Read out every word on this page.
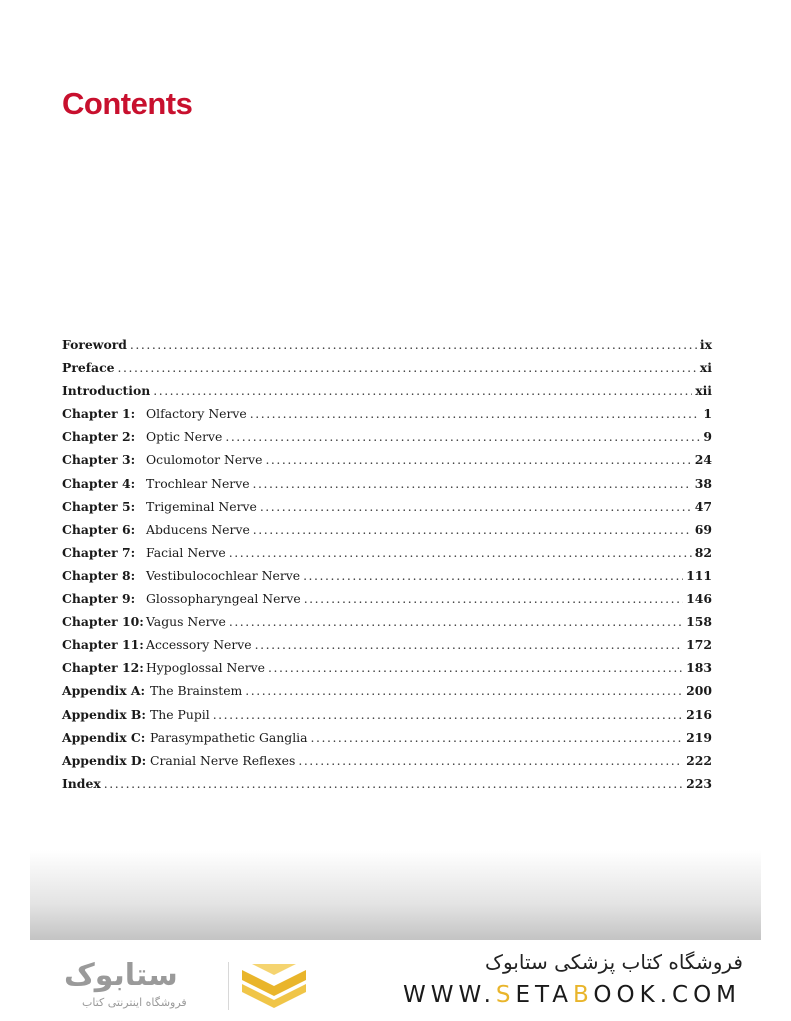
Contents
Foreword . . .	ix
Preface . . .	xi
Introduction . . .	xii
Chapter 1: Olfactory Nerve . . .	1
Chapter 2: Optic Nerve . . .	9
Chapter 3: Oculomotor Nerve . . .	24
Chapter 4: Trochlear Nerve . . .	38
Chapter 5: Trigeminal Nerve . . .	47
Chapter 6: Abducens Nerve . . .	69
Chapter 7: Facial Nerve . . .	82
Chapter 8: Vestibulocochlear Nerve . . .	111
Chapter 9: Glossopharyngeal Nerve . . .	146
Chapter 10: Vagus Nerve . . .	158
Chapter 11: Accessory Nerve . . .	172
Chapter 12: Hypoglossal Nerve . . .	183
Appendix A: The Brainstem . . .	200
Appendix B: The Pupil . . .	216
Appendix C: Parasympathetic Ganglia . . .	219
Appendix D: Cranial Nerve Reflexes . . .	222
Index . . .	223
ستابوک
فروشگاه اینترنتی کتاب
فروشگاه کتاب پزشکی ستابوک
WWW.SETABOOK.COM
